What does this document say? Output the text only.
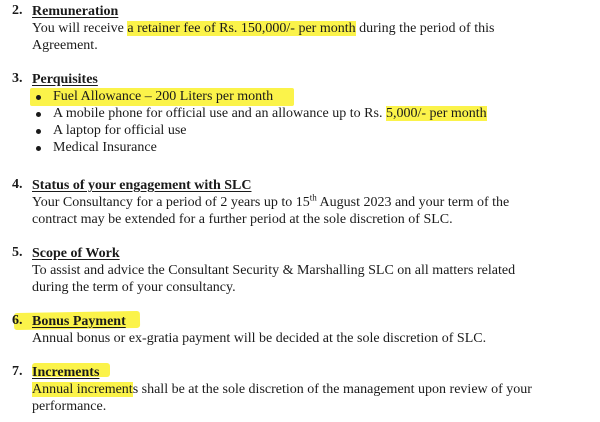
2. Remuneration
You will receive a retainer fee of Rs. 150,000/- per month during the period of this
Agreement.
3. Perquisites
Fuel Allowance – 200 Liters per month
A mobile phone for official use and an allowance up to Rs. 5,000/- per month
A laptop for official use
Medical Insurance
4. Status of your engagement with SLC
Your Consultancy for a period of 2 years up to 15th August 2023 and your term of the
contract may be extended for a further period at the sole discretion of SLC.
5. Scope of Work
To assist and advice the Consultant Security & Marshalling SLC on all matters related
during the term of your consultancy.
6. Bonus Payment
Annual bonus or ex-gratia payment will be decided at the sole discretion of SLC.
7. Increments
Annual increments shall be at the sole discretion of the management upon review of your
performance.
